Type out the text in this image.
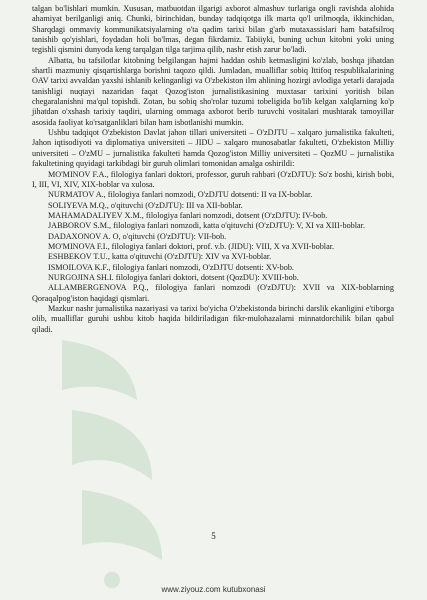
talgan bo'lishlari mumkin. Xususan, matbuotdan ilgarigi axborot almashuv turlariga ongli ravishda alohida ahamiyat berilganligi aniq. Chunki, birinchidan, bunday tadqiqotga ilk marta qo'l urilmoqda, ikkinchidan, Sharqdagi ommaviy kommunikatsiyalarning o'ta qadim tarixi bilan g'arb mutaxassislari ham batafsilroq tanishib qo'yishlari, foydadan holi bo'lmas, degan fikrdamiz. Tabiiyki, buning uchun kitobni yoki uning tegishli qismini dunyoda keng tarqalgan tilga tarjima qilib, nashr etish zarur bo'ladi.

Albatta, bu tafsilotlar kitobning belgilangan hajmi haddan oshib ketmasligini ko'zlab, boshqa jihatdan shartli mazmuniy qisqartishlarga borishni taqozo qildi. Jumladan, mualliflar sobiq Ittifoq respublikalarining OAV tarixi avvaldan yaxshi ishlanib kelinganligi va O'zbekiston ilm ahlining hozirgi avlodiga yetarli darajada tanishligi nuqtayi nazaridan faqat Qozog'iston jurnalistikasining muxtasar tarixini yoritish bilan chegaralanishni ma'qul topishdi. Zotan, bu sobiq sho'rolar tuzumi tobeligida bo'lib kelgan xalqlarning ko'p jihatdan o'xshash tarixiy taqdiri, ularning ommaga axborot berib turuvchi vositalari mushtarak tamoyillar asosida faoliyat ko'rsatganliklari bilan ham isbotlanishi mumkin.

Ushbu tadqiqot O'zbekiston Davlat jahon tillari universiteti – O'zDJTU – xalqaro jurnalistika fakulteti, Jahon iqtisodiyoti va diplomatiya universiteti – JIDU – xalqaro munosabatlar fakulteti, O'zbekiston Milliy universiteti – O'zMU – jurnalistika fakulteti hamda Qozog'iston Milliy universiteti – QozMU – jurnalistika fakultetining quyidagi tarkibdagi bir guruh olimlari tomonidan amalga oshirildi:

MO'MINOV F.A., filologiya fanlari doktori, professor, guruh rahbari (O'zDJTU): So'z boshi, kirish bobi, I, III, VI, XIV, XIX-boblar va xulosa.

NURMATOV A., filologiya fanlari nomzodi, O'zDJTU dotsenti: II va IX-boblar.

SOLIYEVA M.Q., o'qituvchi (O'zDJTU): III va XII-boblar.

MAHAMADALIYEV X.M., filologiya fanlari nomzodi, dotsent (O'zDJTU): IV-bob.

JABBOROV S.M., filologiya fanlari nomzodi, katta o'qituvchi (O'zDJTU): V, XI va XIII-boblar.

DADAXONOV A. O, o'qituvchi (O'zDJTU): VII-bob.

MO'MINOVA F.I., filologiya fanlari doktori, prof. v.b. (JIDU): VIII, X va XVII-boblar.

ESHBEKOV T.U., katta o'qituvchi (O'zDJTU): XIV va XVI-boblar.

ISMOILOVA K.F., filologiya fanlari nomzodi, O'zDJTU dotsenti: XV-bob.

NURGOJINA SH.I. filologiya fanlari doktori, dotsent (QozDU): XVIII-bob.

ALLAMBERGENOVA P.Q., filologiya fanlari nomzodi (O'zDJTU): XVII va XIX-boblarning Qoraqalpog'iston haqidagi qismlari.

Mazkur nashr jurnalistika nazariyasi va tarixi bo'yicha O'zbekistonda birinchi darslik ekanligini e'tiborga olib, mualliflar guruhi ushbu kitob haqida bildiriladigan fikr-mulohazalarni minnatdorchilik bilan qabul qiladi.

5
www.ziyouz.com kutubxonasi
